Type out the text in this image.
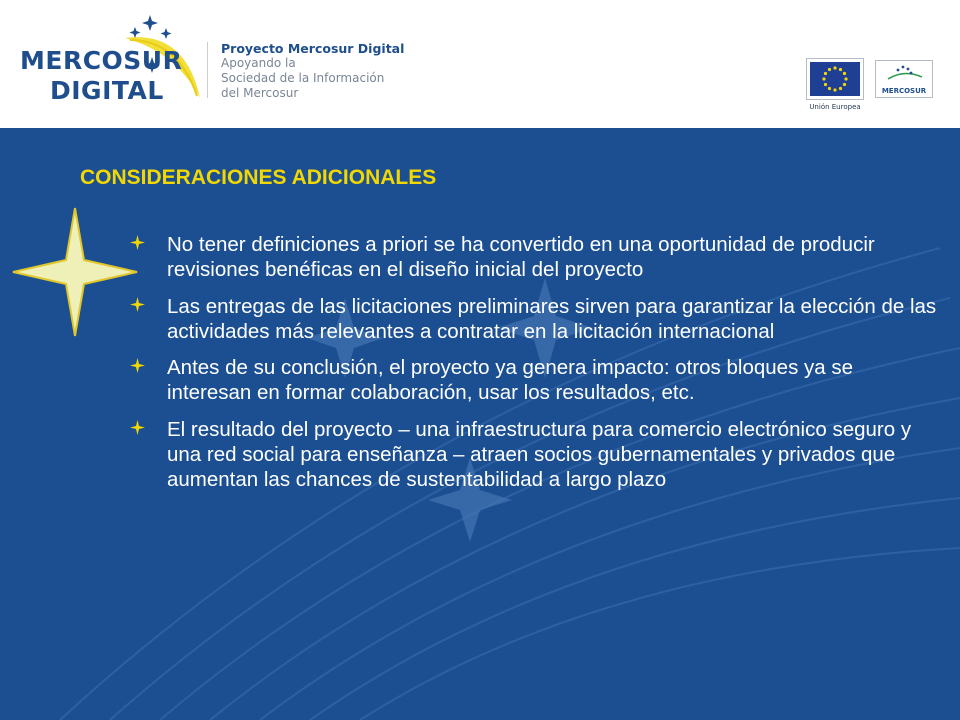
MERCOSUR
DIGITAL
Proyecto Mercosur Digital
Apoyando la
Sociedad de la Información
del Mercosur
Unión Europea
MERCOSUR
CONSIDERACIONES ADICIONALES
No tener definiciones a priori se ha convertido en una oportunidad de producir revisiones benéficas en el diseño inicial del proyecto
Las entregas de las licitaciones preliminares sirven para garantizar la elección de las actividades más relevantes a contratar en la licitación internacional
Antes de su conclusión, el proyecto ya genera impacto: otros bloques ya se interesan en formar colaboración, usar los resultados, etc.
El resultado del proyecto – una infraestructura para comercio electrónico seguro y una red social para enseñanza – atraen socios gubernamentales y privados que aumentan las chances de sustentabilidad a largo plazo
